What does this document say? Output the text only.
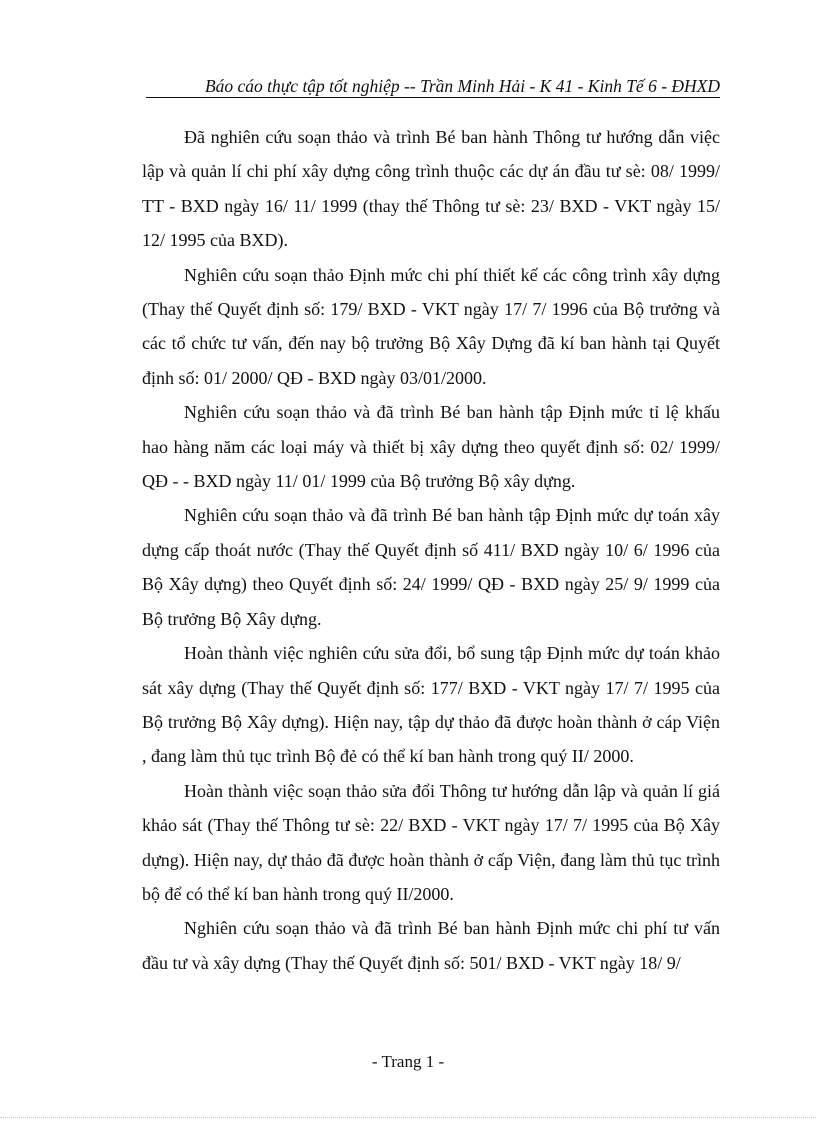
Báo cáo thực tập tốt nghiệp -- Trần Minh Hải - K 41 - Kinh Tế 6 - ĐHXD

Đã nghiên cứu soạn thảo và trình Bé ban hành Thông tư hướng dẫn việc lập và quản lí chi phí xây dựng công trình thuộc các dự án đầu tư sè: 08/ 1999/ TT - BXD ngày 16/ 11/ 1999 (thay thế Thông tư sè: 23/ BXD - VKT ngày 15/ 12/ 1995 của BXD).

Nghiên cứu soạn thảo Định mức chi phí thiết kế các công trình xây dựng (Thay thế Quyết định số: 179/ BXD - VKT ngày 17/ 7/ 1996 của Bộ trưởng và các tổ chức tư vấn, đến nay bộ trưởng Bộ Xây Dựng đã kí ban hành tại Quyết định số: 01/ 2000/ QĐ - BXD ngày 03/01/2000.

Nghiên cứu soạn thảo và đã trình Bé ban hành tập Định mức tỉ lệ khấu hao hàng năm các loại máy và thiết bị xây dựng theo quyết định số: 02/ 1999/ QĐ - - BXD ngày 11/ 01/ 1999 của Bộ trưởng Bộ xây dựng.

Nghiên cứu soạn thảo và đã trình Bé ban hành tập Định mức dự toán xây dựng cấp thoát nước (Thay thế Quyết định số 411/ BXD ngày 10/ 6/ 1996 của Bộ Xây dựng) theo Quyết định số: 24/ 1999/ QĐ - BXD ngày 25/ 9/ 1999 của Bộ trưởng Bộ Xây dựng.

Hoàn thành việc nghiên cứu sửa đổi, bổ sung tập Định mức dự toán khảo sát xây dựng (Thay thế Quyết định số: 177/ BXD - VKT ngày 17/ 7/ 1995 của Bộ trưởng Bộ Xây dựng). Hiện nay, tập dự thảo đã được hoàn thành ở cáp Viện , đang làm thủ tục trình Bộ đẻ có thể kí ban hành trong quý II/ 2000.

Hoàn thành việc soạn thảo sửa đổi Thông tư hướng dẫn lập và quản lí giá khảo sát (Thay thế Thông tư sè: 22/ BXD - VKT ngày 17/ 7/ 1995 của Bộ Xây dựng). Hiện nay, dự thảo đã được hoàn thành ở cấp Viện, đang làm thủ tục trình bộ để có thể kí ban hành trong quý II/2000.

Nghiên cứu soạn thảo và đã trình Bé ban hành Định mức chi phí tư vấn đầu tư và xây dựng (Thay thế Quyết định số: 501/ BXD - VKT ngày 18/ 9/

- Trang 1 -
